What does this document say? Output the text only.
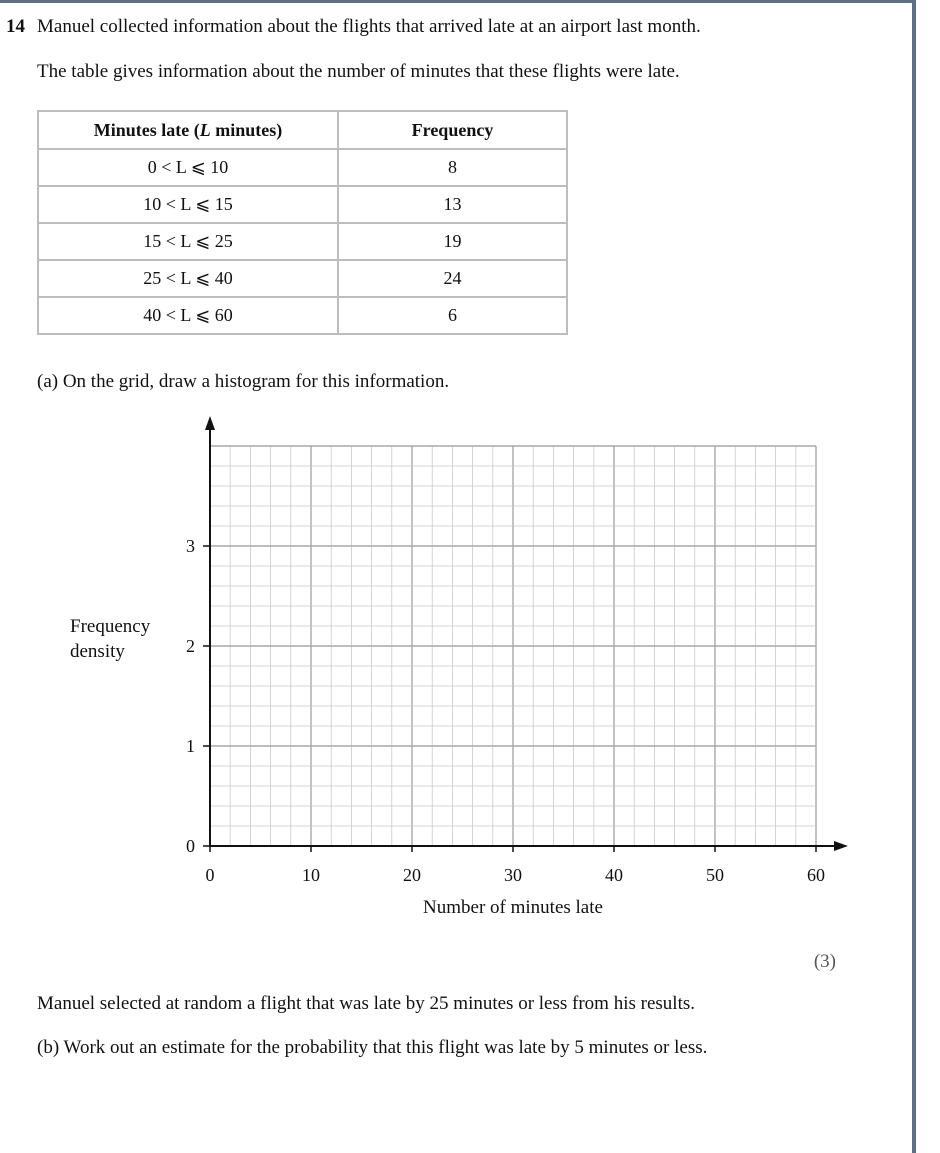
14 Manuel collected information about the flights that arrived late at an airport last month.
The table gives information about the number of minutes that these flights were late.
Minutes late (L minutes)	Frequency
0 < L ⩽ 10	8
10 < L ⩽ 15	13
15 < L ⩽ 25	19
25 < L ⩽ 40	24
40 < L ⩽ 60	6
(a) On the grid, draw a histogram for this information.
0	10	20	30	40	50	60
0
1
2
3
Number of minutes late
Frequency
density
(3)
Manuel selected at random a flight that was late by 25 minutes or less from his results.
(b) Work out an estimate for the probability that this flight was late by 5 minutes or less.
